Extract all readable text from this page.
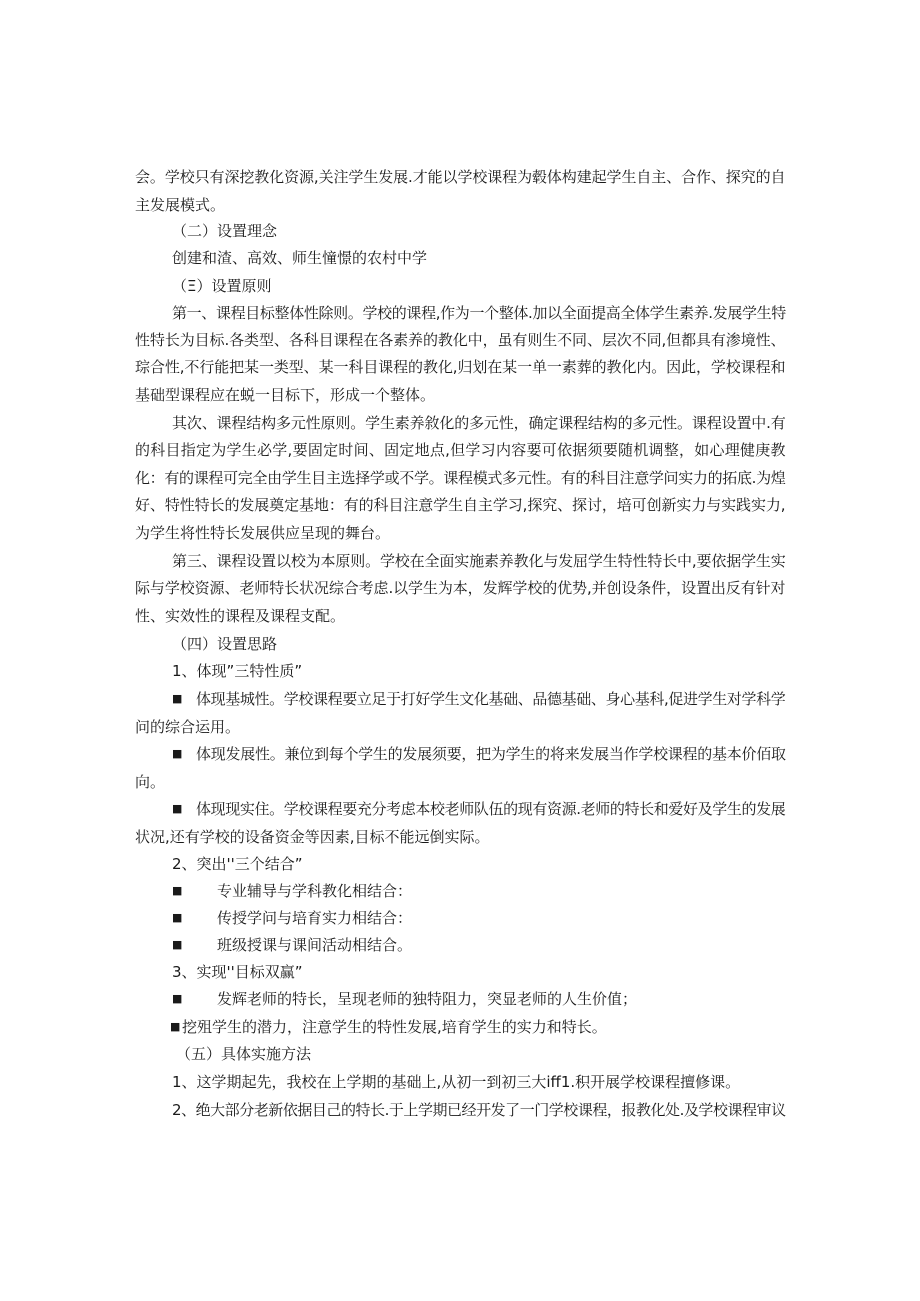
会。学校只有深挖教化资源,关注学生发展.才能以学校课程为毂体构建起学生自主、合作、探究的自
主发展模式。
（二）设置理念
创建和渣、高效、师生憧憬的农村中学
（Ξ）设置原则
第一、课程目标整体性除则。学校的课程,作为一个整体.加以全面提高全体学生素养.发展学生特
性特长为目标.各类型、各科目课程在各素养的教化中，虽有则生不同、层次不同,但都具有渗境性、
琮合性,不行能把某一类型、某一科目课程的教化,归划在某一单一素葬的教化内。因此，学校课程和
基础型课程应在蜕一目标下，形成一个整体。
其次、课程结构多元性原则。学生素养敘化的多元性，确定课程结构的多元性。课程设置中.有
的科目指定为学生必学,要固定时间、固定地点,但学习内容要可依据须要随机调整，如心理健庚教
化：有的课程可完全由学生目主选择学或不学。课程模式多元性。有的科目注意学问实力的拓底.为煌
好、特性特长的发展奠定基地：有的科目注意学生自主学习,探究、探讨，培可创新实力与实践实力,
为学生将性特长发展供应呈现的舞台。
第三、课程设置以校为本原则。学校在全面实施素养教化与发屈学生特性特长中,要依据学生实
际与学校资源、老师特长状况综合考虑.以学生为本，发辉学校的优势,并创设条件，设置出反有针对
性、实效性的课程及课程支配。
（四）设置思路
1、体现”三特性质”
■ 体现基城性。学校课程要立足于打好学生文化基础、品德基础、身心基科,促进学生对学科学
问的综合运用。
■ 体现发展性。兼位到每个学生的发展须要，把为学生的将来发展当作学校课程的基本价佰取
向。
■ 体现现实住。学校课程要充分考虑本校老师队伍的现有资源.老师的特长和爱好及学生的发展
状况,还有学校的设备资金等因素,目标不能远倒实际。
2、突出''三个结合”
■ 专业辅导与学科教化相结合：
■ 传授学问与培育实力相结合：
■ 班级授课与课间活动相结合。
3、实现''目标双赢”
■ 发辉老师的特长，呈现老师的独特阻力，突显老师的人生价值；
■ 挖殂学生的潜力，注意学生的特性发展,培育学生的实力和特长。
（五）具体实施方法
1、这学期起先，我校在上学期的基础上,从初一到初三大iff1.积开展学校课程擅修课。
2、绝大部分老新依据目己的特长.于上学期已经开发了一门学校课程，报教化处.及学校课程审议
